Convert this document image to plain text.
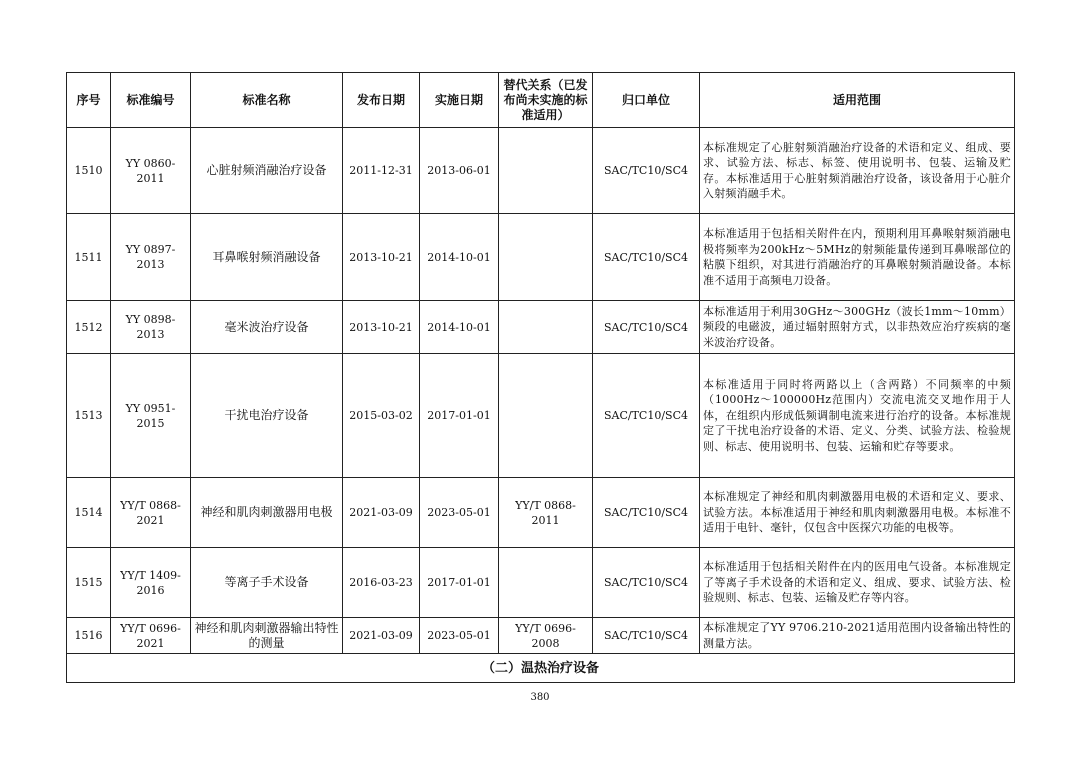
序号	标准编号	标准名称	发布日期	实施日期	替代关系（已发布尚未实施的标准适用）	归口单位	适用范围
1510	YY 0860-2011	心脏射频消融治疗设备	2011-12-31	2013-06-01		SAC/TC10/SC4	本标准规定了心脏射频消融治疗设备的术语和定义、组成、要求、试验方法、标志、标签、使用说明书、包装、运输及贮存。本标准适用于心脏射频消融治疗设备，该设备用于心脏介入射频消融手术。
1511	YY 0897-2013	耳鼻喉射频消融设备	2013-10-21	2014-10-01		SAC/TC10/SC4	本标准适用于包括相关附件在内，预期利用耳鼻喉射频消融电极将频率为200kHz～5MHz的射频能量传递到耳鼻喉部位的粘膜下组织，对其进行消融治疗的耳鼻喉射频消融设备。本标准不适用于高频电刀设备。
1512	YY 0898-2013	毫米波治疗设备	2013-10-21	2014-10-01		SAC/TC10/SC4	本标准适用于利用30GHz～300GHz（波长1mm～10mm）频段的电磁波，通过辐射照射方式，以非热效应治疗疾病的毫米波治疗设备。
1513	YY 0951-2015	干扰电治疗设备	2015-03-02	2017-01-01		SAC/TC10/SC4	本标准适用于同时将两路以上（含两路）不同频率的中频（1000Hz～100000Hz范围内）交流电流交叉地作用于人体，在组织内形成低频调制电流来进行治疗的设备。本标准规定了干扰电治疗设备的术语、定义、分类、试验方法、检验规则、标志、使用说明书、包装、运输和贮存等要求。
1514	YY/T 0868-2021	神经和肌肉刺激器用电极	2021-03-09	2023-05-01	YY/T 0868-2011	SAC/TC10/SC4	本标准规定了神经和肌肉刺激器用电极的术语和定义、要求、试验方法。本标准适用于神经和肌肉刺激器用电极。本标准不适用于电针、毫针，仅包含中医探穴功能的电极等。
1515	YY/T 1409-2016	等离子手术设备	2016-03-23	2017-01-01		SAC/TC10/SC4	本标准适用于包括相关附件在内的医用电气设备。本标准规定了等离子手术设备的术语和定义、组成、要求、试验方法、检验规则、标志、包装、运输及贮存等内容。
1516	YY/T 0696-2021	神经和肌肉刺激器输出特性的测量	2021-03-09	2023-05-01	YY/T 0696-2008	SAC/TC10/SC4	本标准规定了YY 9706.210-2021适用范围内设备输出特性的测量方法。
（二）温热治疗设备							
380
